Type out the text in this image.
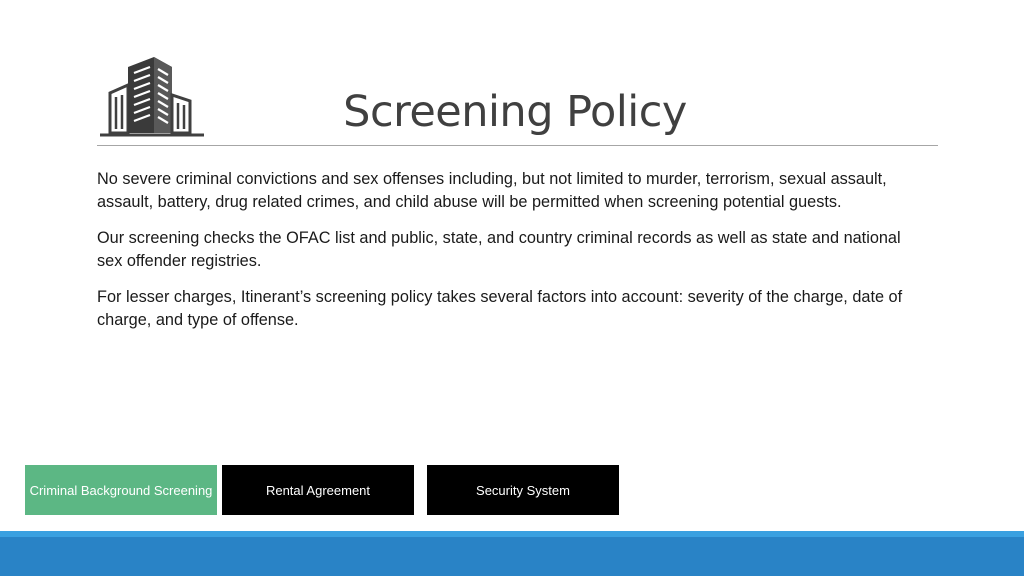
Screening Policy

No severe criminal convictions and sex offenses including, but not limited to murder, terrorism, sexual assault, assault, battery, drug related crimes, and child abuse will be permitted when screening potential guests.

Our screening checks the OFAC list and public, state, and country criminal records as well as state and national sex offender registries.

For lesser charges, Itinerant’s screening policy takes several factors into account: severity of the charge, date of charge, and type of offense.

Criminal Background Screening	Rental Agreement	Security System
